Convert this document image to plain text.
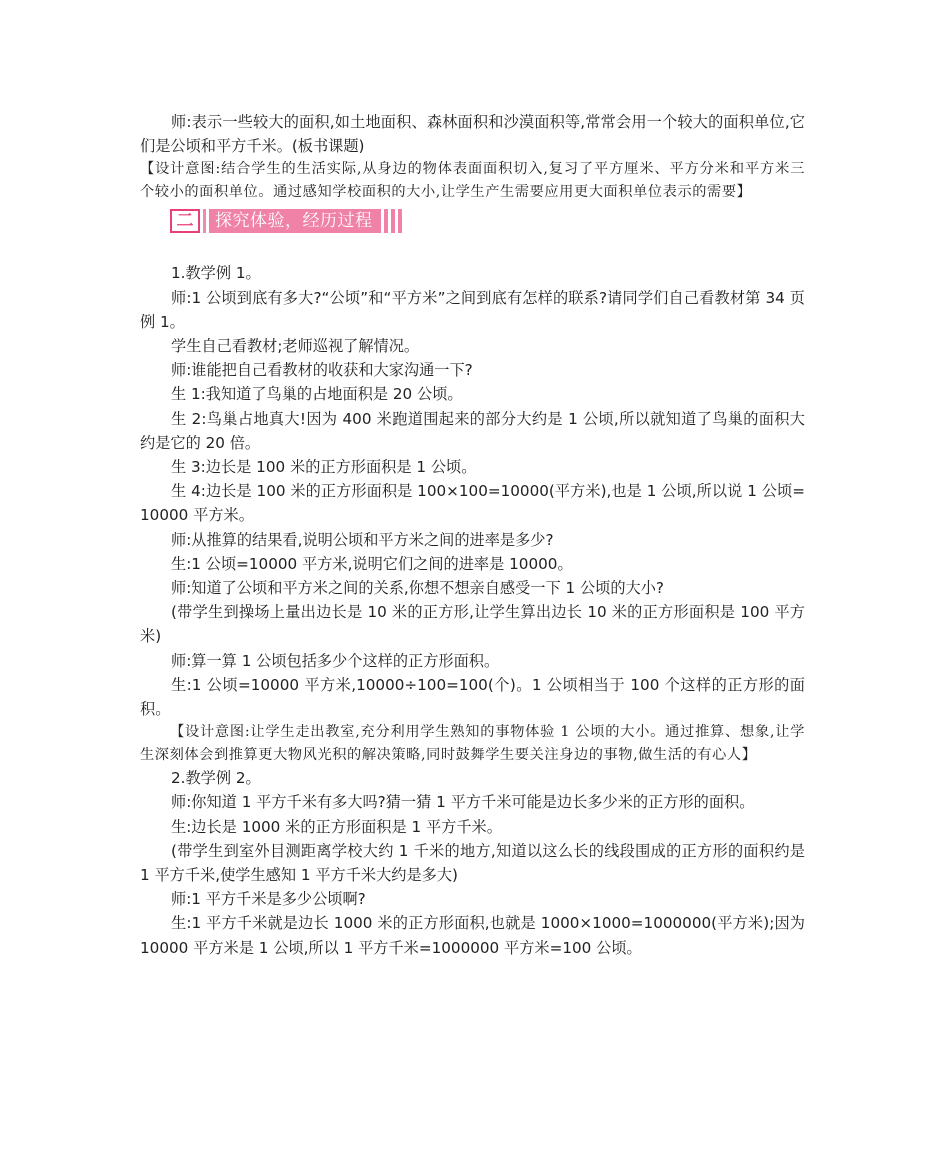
师:表示一些较大的面积,如土地面积、森林面积和沙漠面积等,常常会用一个较大的面积单位,它们是公顷和平方千米。(板书课题)

【设计意图:结合学生的生活实际,从身边的物体表面面积切入,复习了平方厘米、平方分米和平方米三个较小的面积单位。通过感知学校面积的大小,让学生产生需要应用更大面积单位表示的需要】

二	探究体验，经历过程

1.教学例 1。

师:1 公顷到底有多大?“公顷”和“平方米”之间到底有怎样的联系?请同学们自己看教材第 34 页例 1。

学生自己看教材;老师巡视了解情况。

师:谁能把自己看教材的收获和大家沟通一下?

生 1:我知道了鸟巢的占地面积是 20 公顷。

生 2:鸟巢占地真大!因为 400 米跑道围起来的部分大约是 1 公顷,所以就知道了鸟巢的面积大约是它的 20 倍。

生 3:边长是 100 米的正方形面积是 1 公顷。

生 4:边长是 100 米的正方形面积是 100×100=10000(平方米),也是 1 公顷,所以说 1 公顷=10000 平方米。

师:从推算的结果看,说明公顷和平方米之间的进率是多少?

生:1 公顷=10000 平方米,说明它们之间的进率是 10000。

师:知道了公顷和平方米之间的关系,你想不想亲自感受一下 1 公顷的大小?

(带学生到操场上量出边长是 10 米的正方形,让学生算出边长 10 米的正方形面积是 100 平方米)

师:算一算 1 公顷包括多少个这样的正方形面积。

生:1 公顷=10000 平方米,10000÷100=100(个)。1 公顷相当于 100 个这样的正方形的面积。

【设计意图:让学生走出教室,充分利用学生熟知的事物体验 1 公顷的大小。通过推算、想象,让学生深刻体会到推算更大物风光积的解决策略,同时鼓舞学生要关注身边的事物,做生活的有心人】

2.教学例 2。

师:你知道 1 平方千米有多大吗?猜一猜 1 平方千米可能是边长多少米的正方形的面积。

生:边长是 1000 米的正方形面积是 1 平方千米。

(带学生到室外目测距离学校大约 1 千米的地方,知道以这么长的线段围成的正方形的面积约是 1 平方千米,使学生感知 1 平方千米大约是多大)

师:1 平方千米是多少公顷啊?

生:1 平方千米就是边长 1000 米的正方形面积,也就是 1000×1000=1000000(平方米);因为 10000 平方米是 1 公顷,所以 1 平方千米=1000000 平方米=100 公顷。
